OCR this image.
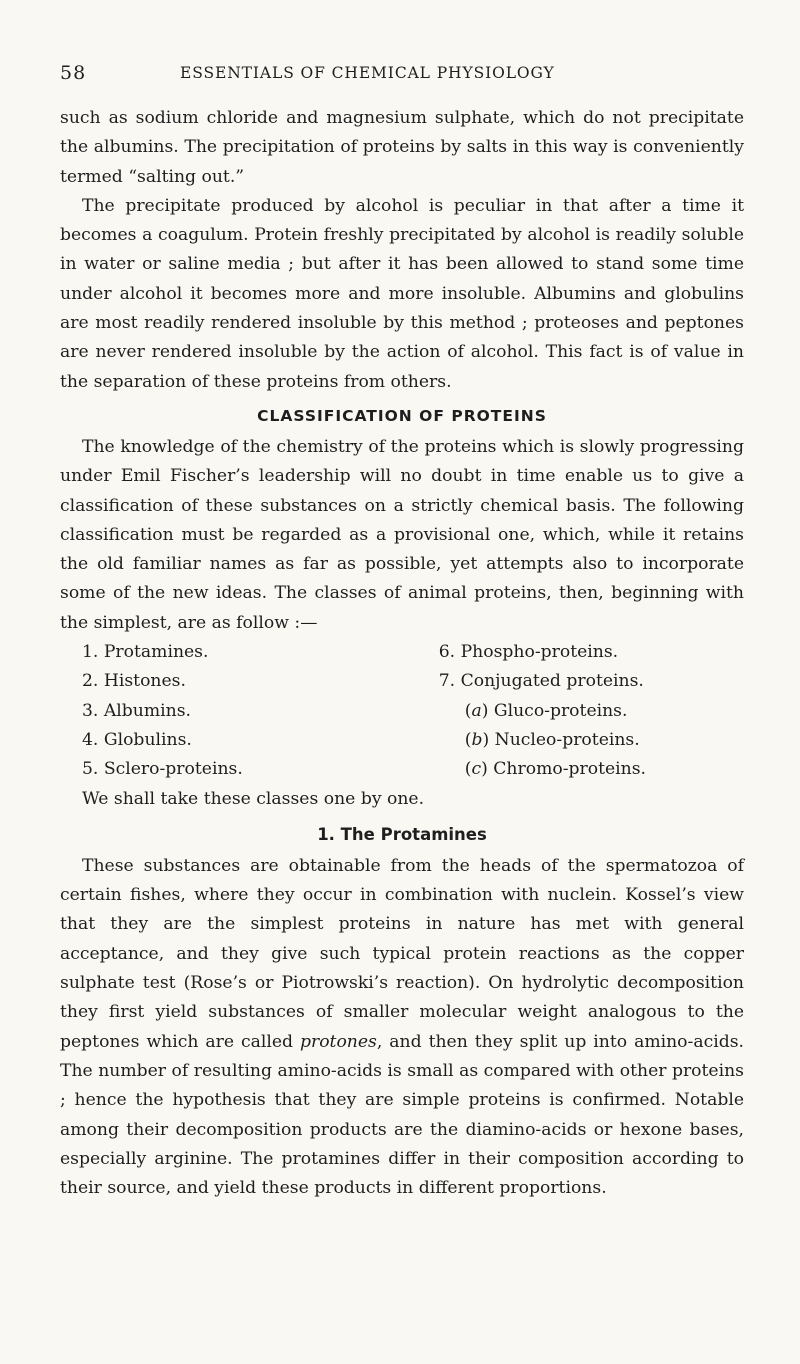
58	ESSENTIALS OF CHEMICAL PHYSIOLOGY

such as sodium chloride and magnesium sulphate, which do not precipitate the albumins. The precipitation of proteins by salts in this way is conveniently termed “salting out.”

The precipitate produced by alcohol is peculiar in that after a time it becomes a coagulum. Protein freshly precipitated by alcohol is readily soluble in water or saline media ; but after it has been allowed to stand some time under alcohol it becomes more and more insoluble. Albumins and globulins are most readily rendered insoluble by this method ; proteoses and peptones are never rendered insoluble by the action of alcohol. This fact is of value in the separation of these proteins from others.

CLASSIFICATION OF PROTEINS

The knowledge of the chemistry of the proteins which is slowly progressing under Emil Fischer’s leadership will no doubt in time enable us to give a classification of these substances on a strictly chemical basis. The following classification must be regarded as a provisional one, which, while it retains the old familiar names as far as possible, yet attempts also to incorporate some of the new ideas. The classes of animal proteins, then, beginning with the simplest, are as follow :—

1. Protamines.
2. Histones.
3. Albumins.
4. Globulins.
5. Sclero-proteins.
6. Phospho-proteins.
7. Conjugated proteins.
(a) Gluco-proteins.
(b) Nucleo-proteins.
(c) Chromo-proteins.

We shall take these classes one by one.

1. The Protamines

These substances are obtainable from the heads of the spermatozoa of certain fishes, where they occur in combination with nuclein. Kossel’s view that they are the simplest proteins in nature has met with general acceptance, and they give such typical protein reactions as the copper sulphate test (Rose’s or Piotrowski’s reaction). On hydrolytic decomposition they first yield substances of smaller molecular weight analogous to the peptones which are called protones, and then they split up into amino-acids. The number of resulting amino-acids is small as compared with other proteins ; hence the hypothesis that they are simple proteins is confirmed. Notable among their decomposition products are the diamino-acids or hexone bases, especially arginine. The protamines differ in their composition according to their source, and yield these products in different proportions.
